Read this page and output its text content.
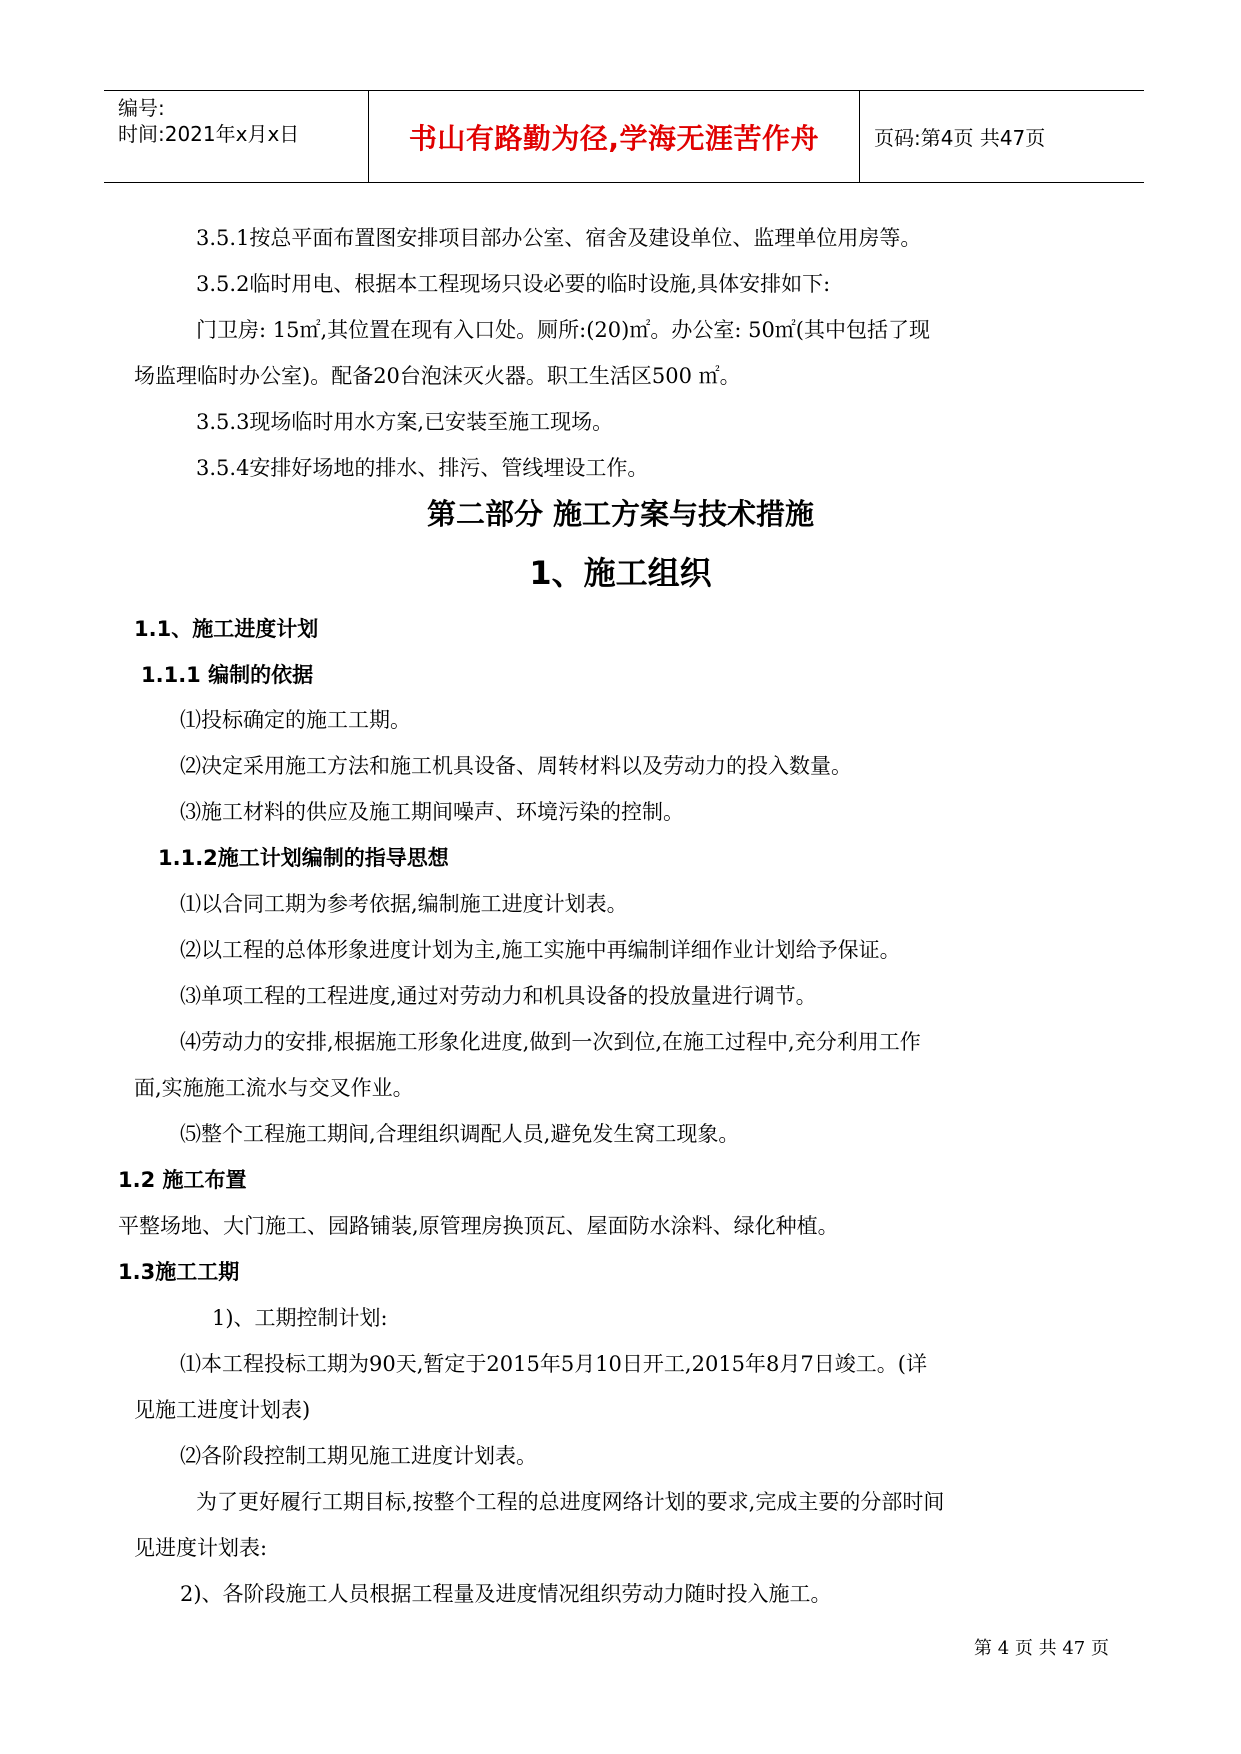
编号:
时间:2021年x月x日	书山有路勤为径,学海无涯苦作舟	页码:第4页 共47页
3.5.1按总平面布置图安排项目部办公室、宿舍及建设单位、监理单位用房等。
3.5.2临时用电、根据本工程现场只设必要的临时设施,具体安排如下:
门卫房: 15㎡,其位置在现有入口处。厕所:(20)㎡。办公室: 50㎡(其中包括了现
场监理临时办公室)。配备20台泡沫灭火器。职工生活区500 ㎡。
3.5.3现场临时用水方案,已安装至施工现场。
3.5.4安排好场地的排水、排污、管线埋设工作。
第二部分 施工方案与技术措施
1、施工组织
1.1、施工进度计划
1.1.1 编制的依据
⑴投标确定的施工工期。
⑵决定采用施工方法和施工机具设备、周转材料以及劳动力的投入数量。
⑶施工材料的供应及施工期间噪声、环境污染的控制。
1.1.2施工计划编制的指导思想
⑴以合同工期为参考依据,编制施工进度计划表。
⑵以工程的总体形象进度计划为主,施工实施中再编制详细作业计划给予保证。
⑶单项工程的工程进度,通过对劳动力和机具设备的投放量进行调节。
⑷劳动力的安排,根据施工形象化进度,做到一次到位,在施工过程中,充分利用工作
面,实施施工流水与交叉作业。
⑸整个工程施工期间,合理组织调配人员,避免发生窝工现象。
1.2 施工布置
平整场地、大门施工、园路铺装,原管理房换顶瓦、屋面防水涂料、绿化种植。
1.3施工工期
1)、工期控制计划:
⑴本工程投标工期为90天,暂定于2015年5月10日开工,2015年8月7日竣工。(详
见施工进度计划表)
⑵各阶段控制工期见施工进度计划表。
为了更好履行工期目标,按整个工程的总进度网络计划的要求,完成主要的分部时间
见进度计划表:
2)、各阶段施工人员根据工程量及进度情况组织劳动力随时投入施工。
第 4 页 共 47 页
